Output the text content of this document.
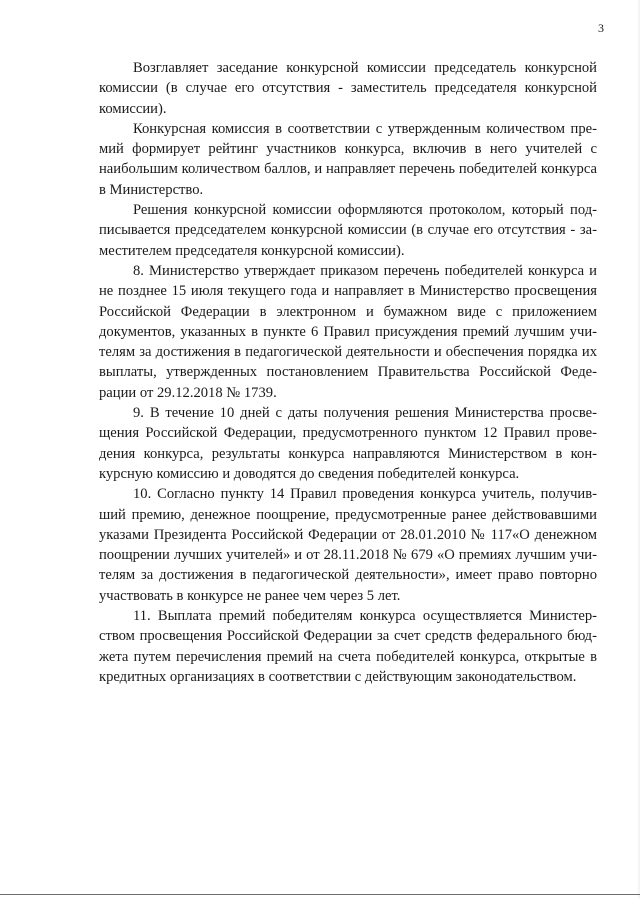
3

Возглавляет заседание конкурсной комиссии председатель конкурсной комиссии (в случае его отсутствия - заместитель председателя конкурсной комиссии).

Конкурсная комиссия в соответствии с утвержденным количеством премий формирует рейтинг участников конкурса, включив в него учителей с наибольшим количеством баллов, и направляет перечень победителей конкурса в Министерство.

Решения конкурсной комиссии оформляются протоколом, который подписывается председателем конкурсной комиссии (в случае его отсутствия - заместителем председателя конкурсной комиссии).

8. Министерство утверждает приказом перечень победителей конкурса и не позднее 15 июля текущего года и направляет в Министерство просвещения Российской Федерации в электронном и бумажном виде с приложением документов, указанных в пункте 6 Правил присуждения премий лучшим учителям за достижения в педагогической деятельности и обеспечения порядка их выплаты, утвержденных постановлением Правительства Российской Федерации от 29.12.2018 № 1739.

9. В течение 10 дней с даты получения решения Министерства просвещения Российской Федерации, предусмотренного пунктом 12 Правил проведения конкурса, результаты конкурса направляются Министерством в конкурсную комиссию и доводятся до сведения победителей конкурса.

10. Согласно пункту 14 Правил проведения конкурса учитель, получивший премию, денежное поощрение, предусмотренные ранее действовавшими указами Президента Российской Федерации от 28.01.2010 № 117«О денежном поощрении лучших учителей» и от 28.11.2018 № 679 «О премиях лучшим учителям за достижения в педагогической деятельности», имеет право повторно участвовать в конкурсе не ранее чем через 5 лет.

11. Выплата премий победителям конкурса осуществляется Министерством просвещения Российской Федерации за счет средств федерального бюджета путем перечисления премий на счета победителей конкурса, открытые в кредитных организациях в соответствии с действующим законодательством.
